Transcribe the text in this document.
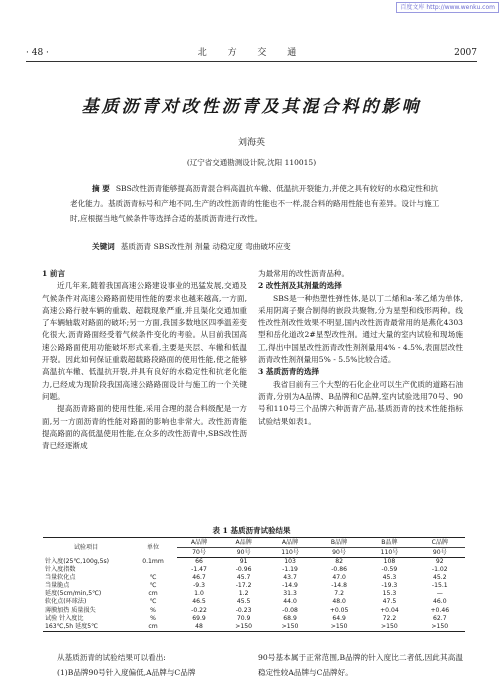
百度文库 http://www.wenku.com
· 48 ·	北 方 交 通	2007
基质沥青对改性沥青及其混合料的影响
刘海英
(辽宁省交通勘测设计院,沈阳 110015)
摘 要 SBS改性沥青能够提高沥青混合料高温抗车辙、低温抗开裂能力,并使之具有较好的水稳定性和抗老化能力。基质沥青标号和产地不同,生产的改性沥青的性能也不一样,混合料的路用性能也有差异。设计与施工时,应根据当地气候条件等选择合适的基质沥青进行改性。
关键词 基质沥青 SBS改性剂 剂量 动稳定度 弯曲破坏应变

1 前言

近几年来,随着我国高速公路建设事业的迅猛发展,交通及气候条件对高速公路路面使用性能的要求也越来越高,一方面,高速公路行驶车辆的重载、超载现象严重,并且渠化交通加重了车辆轴载对路面的破坏;另一方面,我国多数地区四季温差变化很大,沥青路面经受着气候条件变化的考验。从目前我国高速公路路面使用功能破坏形式来看,主要是夹层、车辙和低温开裂。因此如何保证重载超载路段路面的使用性能,使之能够高温抗车辙、低温抗开裂,并具有良好的水稳定性和抗老化能力,已经成为现阶段我国高速公路路面设计与施工的一个关键问题。

提高沥青路面的使用性能,采用合理的混合料级配是一方面,另一方面沥青的性能对路面的影响也非常大。改性沥青能提高路面的高低温使用性能,在众多的改性沥青中,SBS改性沥青已经逐渐成

为最常用的改性沥青品种。

2 改性剂及其剂量的选择

SBS是一种热塑性弹性体,是以丁二烯和a-苯乙烯为单体,采用阴离子聚合制得的嵌段共聚物,分为星型和线形两种。线性改性剂改性效果不明显,国内改性沥青最常用的是燕化4303型和岳化道改2#星型改性剂。通过大量的室内试验和现场施工,得出中国星改性沥青改性剂剂量用4% - 4.5%,表面层改性沥青改性剂剂量用5% - 5.5%比较合适。

3 基质沥青的选择

我省目前有三个大型的石化企业可以生产优质的道路石油沥青,分别为A品牌、B品牌和C品牌,室内试验选用70号、90号和110号三个品牌六种沥青产品,基质沥青的技术性能指标试验结果如表1。

表 1 基质沥青试验结果
试验项目	单位	A品牌	A品牌	A品牌	B品牌	B品牌	C品牌
		70号	90号	110号	90号	110号	90号
针入度(25℃,100g,5s)	0.1mm	66	91	103	82	108	92
针入度指数		-1.47	-0.96	-1.19	-0.86	-0.59	-1.02
当量软化点	℃	46.7	45.7	43.7	47.0	45.3	45.2
当量脆点	℃	-9.3	-17.2	-14.9	-14.8	-19.3	-15.1
延度(5cm/min,5℃)	cm	1.0	1.2	31.3	7.2	15.3	—
软化点(环球法)	℃	46.5	45.5	44.0	48.0	47.5	46.0
薄膜加热 质量损失	%	-0.22	-0.23	-0.08	+0.05	+0.04	+0.46
试验 针入度比	%	69.9	70.9	68.9	64.9	72.2	62.7
163℃,5h 延度5℃	cm	48	>150	>150	>150	>150	>150

从基质沥青的试验结果可以看出:

(1)B品牌90号针入度偏低,A品牌与C品牌

90号基本属于正常范围,B品牌的针入度比二者低,因此其高温稳定性较A品牌与C品牌好。
